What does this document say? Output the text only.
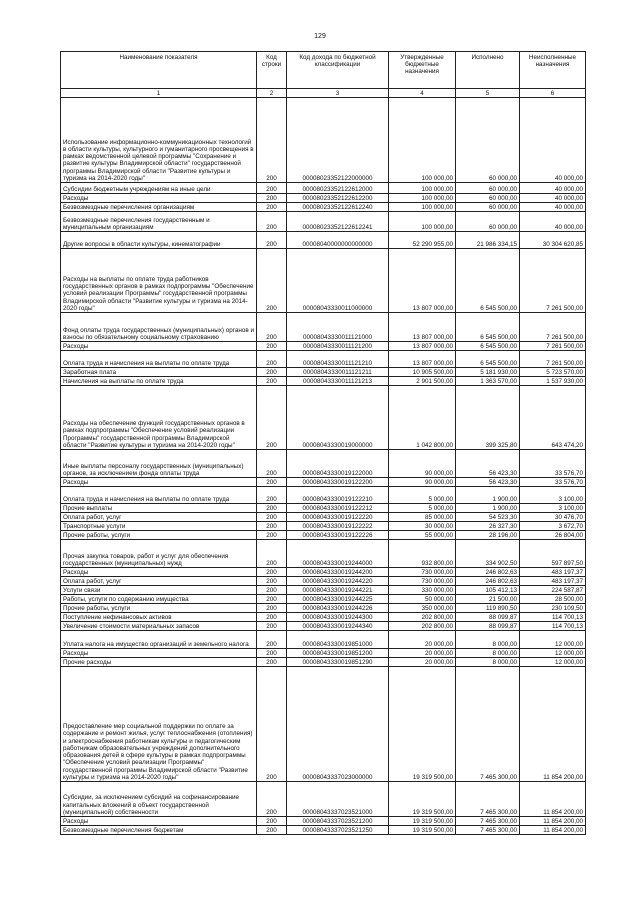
129
Наименование показателя	Код строки	Код дохода по бюджетной классификации	Утвержденные бюджетные назначения	Исполнено	Неисполненные назначения
1	2	3	4	5	6
Использование информационно-коммуникационных технологий в области культуры, культурного и гуманитарного просвещения в рамках ведомственной целевой программы "Сохранение и развитие культуры Владимирской области" государственной программы Владимирской области "Развитие культуры и туризма на 2014-2020 годы"	200	00008023352122000000	100 000,00	60 000,00	40 000,00
Субсидии бюджетным учреждениям на иные цели	200	00008023352122612000	100 000,00	60 000,00	40 000,00
Расходы	200	00008023352122612200	100 000,00	60 000,00	40 000,00
Безвозмездные перечисления организациям	200	00008023352122612240	100 000,00	60 000,00	40 000,00
Безвозмездные перечисления государственным и муниципальным организациям	200	00008023352122612241	100 000,00	60 000,00	40 000,00
Другие вопросы в области культуры, кинематографии	200	00008040000000000000	52 290 955,00	21 986 334,15	30 304 620,85
Расходы на выплаты по оплате труда работников государственных органов в рамках подпрограммы "Обеспечение условий реализации Программы" государственной программы Владимирской области "Развитие культуры и туризма на 2014-2020 годы"	200	00008043330011000000	13 807 000,00	6 545 500,00	7 261 500,00
Фонд оплаты труда государственных (муниципальных) органов и взносы по обязательному социальному страхованию	200	00008043330011121000	13 807 000,00	6 545 500,00	7 261 500,00
Расходы	200	00008043330011121200	13 807 000,00	6 545 500,00	7 261 500,00
Оплата труда и начисления на выплаты по оплате труда	200	00008043330011121210	13 807 000,00	6 545 500,00	7 261 500,00
Заработная плата	200	00008043330011121211	10 905 500,00	5 181 930,00	5 723 570,00
Начисления на выплаты по оплате труда	200	00008043330011121213	2 901 500,00	1 363 570,00	1 537 930,00
Расходы на обеспечение функций государственных органов в рамках подпрограммы "Обеспечение условий реализации Программы" государственной программы Владимирской области "Развитие культуры и туризма на 2014-2020 годы"	200	00008043330019000000	1 042 800,00	399 325,80	643 474,20
Иные выплаты персоналу государственных (муниципальных) органов, за исключением фонда оплаты труда	200	00008043330019122000	90 000,00	56 423,30	33 576,70
Расходы	200	00008043330019122200	90 000,00	56 423,30	33 576,70
Оплата труда и начисления на выплаты по оплате труда	200	00008043330019122210	5 000,00	1 900,00	3 100,00
Прочие выплаты	200	00008043330019122212	5 000,00	1 900,00	3 100,00
Оплата работ, услуг	200	00008043330019122220	85 000,00	54 523,30	30 476,70
Транспортные услуги	200	00008043330019122222	30 000,00	26 327,30	3 672,70
Прочие работы, услуги	200	00008043330019122226	55 000,00	28 196,00	26 804,00
Прочая закупка товаров, работ и услуг для обеспечения государственных (муниципальных) нужд	200	00008043330019244000	932 800,00	334 902,50	597 897,50
Расходы	200	00008043330019244200	730 000,00	246 802,63	483 197,37
Оплата работ, услуг	200	00008043330019244220	730 000,00	246 802,63	483 197,37
Услуги связи	200	00008043330019244221	330 000,00	105 412,13	224 587,87
Работы, услуги по содержанию имущества	200	00008043330019244225	50 000,00	21 500,00	28 500,00
Прочие работы, услуги	200	00008043330019244226	350 000,00	119 890,50	230 109,50
Поступление нефинансовых активов	200	00008043330019244300	202 800,00	88 099,87	114 700,13
Увеличение стоимости материальных запасов	200	00008043330019244340	202 800,00	88 099,87	114 700,13
Уплата налога на имущество организаций и земельного налога	200	00008043330019851000	20 000,00	8 000,00	12 000,00
Расходы	200	00008043330019851200	20 000,00	8 000,00	12 000,00
Прочие расходы	200	00008043330019851290	20 000,00	8 000,00	12 000,00
Предоставление мер социальной поддержки по оплате за содержание и ремонт жилья, услуг теплоснабжения (отопления) и электроснабжения работникам культуры и педагогическим работникам образовательных учреждений дополнительного образования детей в сфере культуры в рамках подпрограммы "Обеспечение условий реализации Программы" государственной программы Владимирской области "Развитие культуры и туризма на 2014-2020 годы"	200	00008043337023000000	19 319 500,00	7 465 300,00	11 854 200,00
Субсидии, за исключением субсидий на софинансирование капитальных вложений в объект государственной (муниципальной) собственности	200	00008043337023521000	19 319 500,00	7 465 300,00	11 854 200,00
Расходы	200	00008043337023521200	19 319 500,00	7 465 300,00	11 854 200,00
Безвозмездные перечисления бюджетам	200	00008043337023521250	19 319 500,00	7 465 300,00	11 854 200,00
